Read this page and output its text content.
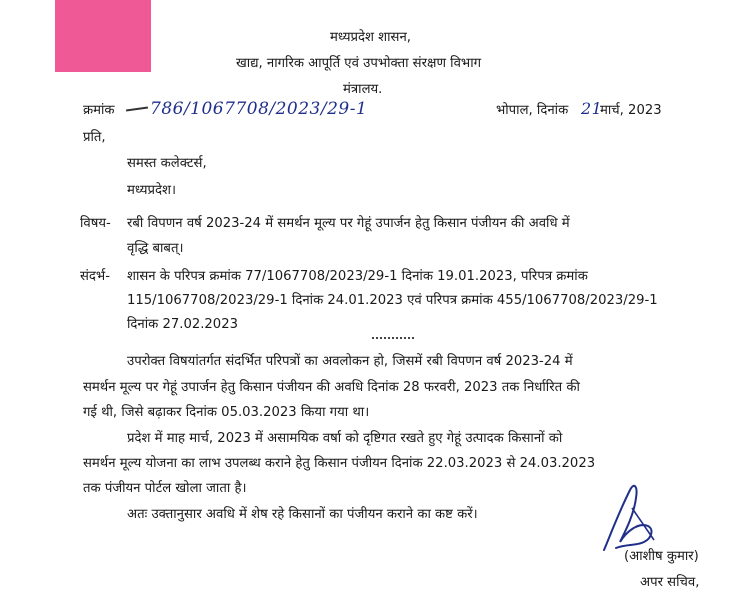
मध्यप्रदेश शासन,
खाद्य, नागरिक आपूर्ति एवं उपभोक्ता संरक्षण विभाग
मंत्रालय.
क्रमांक 786/1067708/2023/29-1	भोपाल, दिनांक 21
मार्च, 2023
प्रति,
समस्त कलेक्टर्स,
मध्यप्रदेश।
विषय- रबी विपणन वर्ष 2023-24 में समर्थन मूल्य पर गेहूं उपार्जन हेतु किसान पंजीयन की अवधि में
वृद्धि बाबत्।
संदर्भ- शासन के परिपत्र क्रमांक 77/1067708/2023/29-1 दिनांक 19.01.2023, परिपत्र क्रमांक
115/1067708/2023/29-1 दिनांक 24.01.2023 एवं परिपत्र क्रमांक 455/1067708/2023/29-1
दिनांक 27.02.2023
उपरोक्त विषयांतर्गत संदर्भित परिपत्रों का अवलोकन हो, जिसमें रबी विपणन वर्ष 2023-24 में
समर्थन मूल्य पर गेहूं उपार्जन हेतु किसान पंजीयन की अवधि दिनांक 28 फरवरी, 2023 तक निर्धारित की
गई थी, जिसे बढ़ाकर दिनांक 05.03.2023 किया गया था।
प्रदेश में माह मार्च, 2023 में असामयिक वर्षा को दृष्टिगत रखते हुए गेहूं उत्पादक किसानों को
समर्थन मूल्य योजना का लाभ उपलब्ध कराने हेतु किसान पंजीयन दिनांक 22.03.2023 से 24.03.2023
तक पंजीयन पोर्टल खोला जाता है।
अतः उक्तानुसार अवधि में शेष रहे किसानों का पंजीयन कराने का कष्ट करें।
(आशीष कुमार)
अपर सचिव,
